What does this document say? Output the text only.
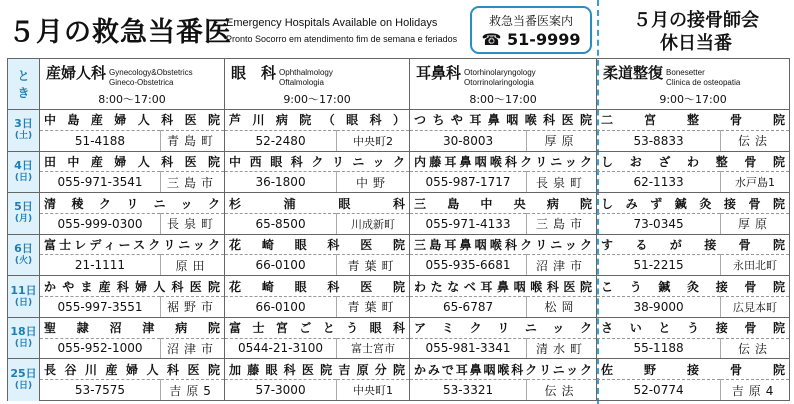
５月の救急当番医
Emergency Hospitals Available on Holidays
Pronto Socorro em atendimento fim de semana e feriados
救急当番医案内
☎ 51-9999
５月の接骨師会
休日当番
と
き	産婦人科 Gynecology&Obstetrics
Gineco-Obstetrica
8:00～17:00		眼　科 Ophthalmology
Oftalmologia
9:00～17:00		耳鼻科 Otorhinolaryngology
Otorrinolaringologia
8:00～17:00		柔道整復 Bonesetter
Clinica de osteopatia
9:00～17:00	

3日
(土)	中島産婦人科医院		芦川病院（眼科）		つちや耳鼻咽喉科医院		二宮整骨院	
	51-4188	青島町	52-2480	中央町2	30-8003	厚原	53-8833	伝法

4日
(日)	田中産婦人科医院		中西眼科クリニック		内藤耳鼻咽喉科クリニック		しおざわ整骨院	
	055-971-3541	三島市	36-1800	中野	055-987-1717	長泉町	62-1133	水戸島1

5日
(月)	清稜クリニック		杉浦眼科		三島中央病院		しみず鍼灸接骨院	
	055-999-0300	長泉町	65-8500	川成新町	055-971-4133	三島市	73-0345	厚原

6日
(火)	富士レディースクリニック		花崎眼科医院		三島耳鼻咽喉科クリニック		するが接骨院	
	21-1111	原田	66-0100	青葉町	055-935-6681	沼津市	51-2215	永田北町

11日
(日)	かやま産科婦人科医院		花崎眼科医院		わたなべ耳鼻咽喉科医院		こう鍼灸接骨院	
	055-997-3551	裾野市	66-0100	青葉町	65-6787	松岡	38-9000	広見本町

18日
(日)	聖隷沼津病院		富士宮ごとう眼科		アミクリニック		さいとう接骨院	
	055-952-1000	沼津市	0544-21-3100	富士宮市	055-981-3341	清水町	55-1188	伝法

25日
(日)	長谷川産婦人科医院		加藤眼科医院吉原分院		かみで耳鼻咽喉科クリニック		佐野接骨院	
	53-7575	吉原5	57-3000	中央町1	53-3321	伝法	52-0774	吉原4
